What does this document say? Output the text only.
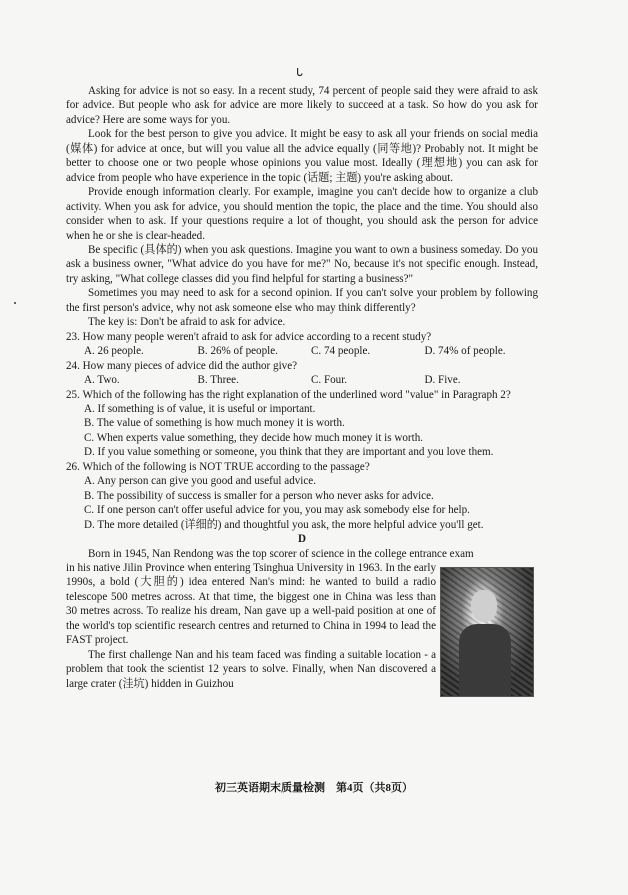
ᒐ

Asking for advice is not so easy. In a recent study, 74 percent of people said they were afraid to ask for advice. But people who ask for advice are more likely to succeed at a task. So how do you ask for advice? Here are some ways for you.

Look for the best person to give you advice. It might be easy to ask all your friends on social media (媒体) for advice at once, but will you value all the advice equally (同等地)? Probably not. It might be better to choose one or two people whose opinions you value most. Ideally (理想地) you can ask for advice from people who have experience in the topic (话题; 主题) you're asking about.

Provide enough information clearly. For example, imagine you can't decide how to organize a club activity. When you ask for advice, you should mention the topic, the place and the time. You should also consider when to ask. If your questions require a lot of thought, you should ask the person for advice when he or she is clear-headed.

Be specific (具体的) when you ask questions. Imagine you want to own a business someday. Do you ask a business owner, "What advice do you have for me?" No, because it's not specific enough. Instead, try asking, "What college classes did you find helpful for starting a business?"

Sometimes you may need to ask for a second opinion. If you can't solve your problem by following the first person's advice, why not ask someone else who may think differently?

The key is: Don't be afraid to ask for advice.

23. How many people weren't afraid to ask for advice according to a recent study?

A. 26 people.	B. 26% of people.	C. 74 people.	D. 74% of people.

24. How many pieces of advice did the author give?

A. Two.	B. Three.	C. Four.	D. Five.

25. Which of the following has the right explanation of the underlined word "value" in Paragraph 2?

A. If something is of value, it is useful or important.

B. The value of something is how much money it is worth.

C. When experts value something, they decide how much money it is worth.

D. If you value something or someone, you think that they are important and you love them.

26. Which of the following is NOT TRUE according to the passage?

A. Any person can give you good and useful advice.

B. The possibility of success is smaller for a person who never asks for advice.

C. If one person can't offer useful advice for you, you may ask somebody else for help.

D. The more detailed (详细的) and thoughtful you ask, the more helpful advice you'll get.

D

Born in 1945, Nan Rendong was the top scorer of science in the college entrance exam

in his native Jilin Province when entering Tsinghua University in 1963. In the early 1990s, a bold (大胆的) idea entered Nan's mind: he wanted to build a radio telescope 500 metres across. At that time, the biggest one in China was less than 30 metres across. To realize his dream, Nan gave up a well-paid position at one of the world's top scientific research centres and returned to China in 1994 to lead the FAST project.

The first challenge Nan and his team faced was finding a suitable location - a problem that took the scientist 12 years to solve. Finally, when Nan discovered a large crater (洼坑) hidden in Guizhou

初三英语期末质量检测　第4页（共8页）
